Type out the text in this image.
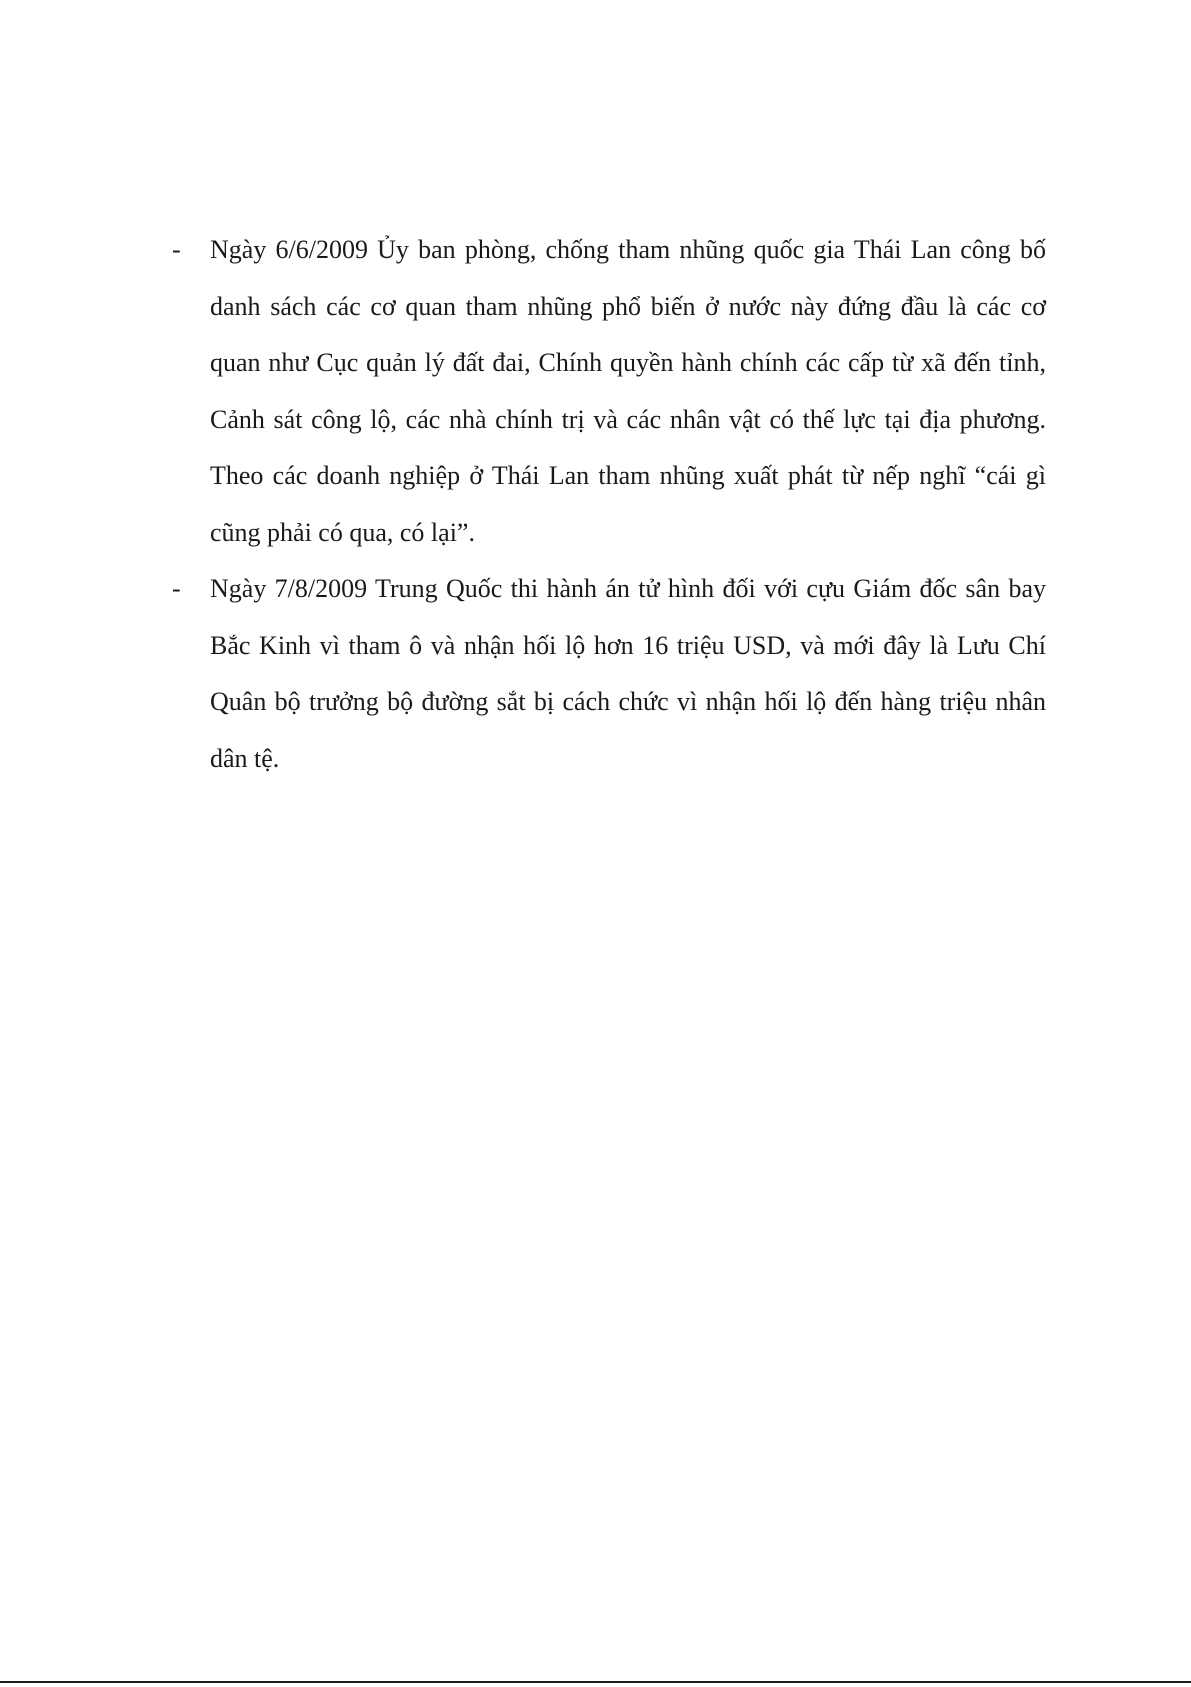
-	Ngày 6/6/2009 Ủy ban phòng, chống tham nhũng quốc gia Thái Lan công bố danh sách các cơ quan tham nhũng phổ biến ở nước này đứng đầu là các cơ quan như Cục quản lý đất đai, Chính quyền hành chính các cấp từ xã đến tỉnh, Cảnh sát công lộ, các nhà chính trị và các nhân vật có thế lực tại địa phương. Theo các doanh nghiệp ở Thái Lan tham nhũng xuất phát từ nếp nghĩ “cái gì cũng phải có qua, có lại”.
-	Ngày 7/8/2009 Trung Quốc thi hành án tử hình đối với cựu Giám đốc sân bay Bắc Kinh vì tham ô và nhận hối lộ hơn 16 triệu USD, và mới đây là Lưu Chí Quân bộ trưởng bộ đường sắt bị cách chức vì nhận hối lộ đến hàng triệu nhân dân tệ.
